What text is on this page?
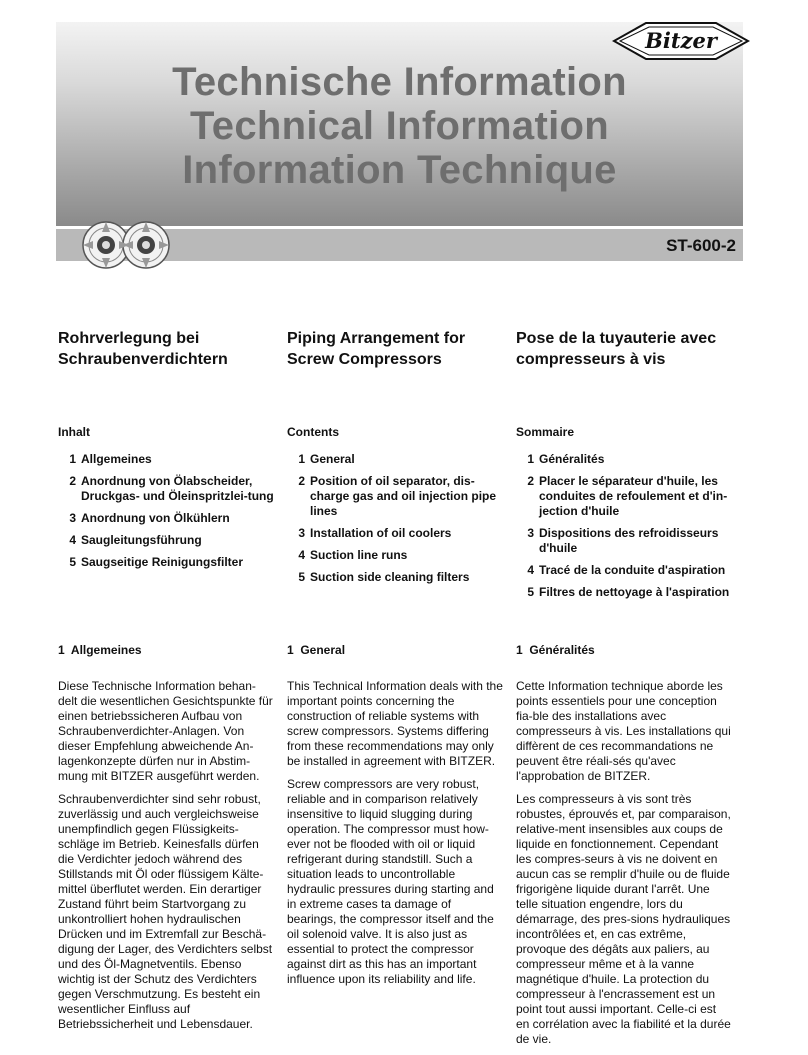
Technische Information
Technical Information
Information Technique
Bitzer
ST-600-2
Rohrverlegung bei
Schraubenverdichtern
Piping Arrangement for
Screw Compressors
Pose de la tuyauterie avec
compresseurs à vis
Inhalt	Contents	Sommaire
1 Allgemeines
2 Anordnung von Ölabscheider, Druckgas- und Öleinspritzlei-tung
3 Anordnung von Ölkühlern
4 Saugleitungsführung
5 Saugseitige Reinigungsfilter
1 General
2 Position of oil separator, dis-charge gas and oil injection pipe lines
3 Installation of oil coolers
4 Suction line runs
5 Suction side cleaning filters
1 Généralités
2 Placer le séparateur d'huile, les conduites de refoulement et d'in-jection d'huile
3 Dispositions des refroidisseurs d'huile
4 Tracé de la conduite d'aspiration
5 Filtres de nettoyage à l'aspiration
1  Allgemeines	1  General	1  Généralités

Diese Technische Information behan-delt die wesentlichen Gesichtspunkte für einen betriebssicheren Aufbau von Schraubenverdichter-Anlagen. Von dieser Empfehlung abweichende An-lagenkonzepte dürfen nur in Abstim-mung mit BITZER ausgeführt werden.

Schraubenverdichter sind sehr robust, zuverlässig und auch vergleichsweise unempfindlich gegen Flüssigkeits-schläge im Betrieb. Keinesfalls dürfen die Verdichter jedoch während des Stillstands mit Öl oder flüssigem Kälte-mittel überflutet werden. Ein derartiger Zustand führt beim Startvorgang zu unkontrolliert hohen hydraulischen Drücken und im Extremfall zur Beschä-digung der Lager, des Verdichters selbst und des Öl-Magnetventils. Ebenso wichtig ist der Schutz des Verdichters gegen Verschmutzung. Es besteht ein wesentlicher Einfluss auf Betriebssicherheit und Lebensdauer.

This Technical Information deals with the important points concerning the construction of reliable systems with screw compressors. Systems differing from these recommendations may only be installed in agreement with BITZER.

Screw compressors are very robust, reliable and in comparison relatively insensitive to liquid slugging during operation. The compressor must how-ever not be flooded with oil or liquid refrigerant during standstill. Such a situation leads to uncontrollable hydraulic pressures during starting and in extreme cases ta damage of bearings, the compressor itself and the oil solenoid valve. It is also just as essential to protect the compressor against dirt as this has an important influence upon its reliability and life.

Cette Information technique aborde les points essentiels pour une conception fia-ble des installations avec compresseurs à vis. Les installations qui diffèrent de ces recommandations ne peuvent être réali-sés qu'avec l'approbation de BITZER.

Les compresseurs à vis sont très robustes, éprouvés et, par comparaison, relative-ment insensibles aux coups de liquide en fonctionnement. Cependant les compres-seurs à vis ne doivent en aucun cas se remplir d'huile ou de fluide frigorigène liquide durant l'arrêt. Une telle situation engendre, lors du démarrage, des pres-sions hydrauliques incontrôlées et, en cas extrême, provoque des dégâts aux paliers, au compresseur même et à la vanne magnétique d'huile. La protection du compresseur à l'encrassement est un point tout aussi important. Celle-ci est en corrélation avec la fiabilité et la durée de vie.
